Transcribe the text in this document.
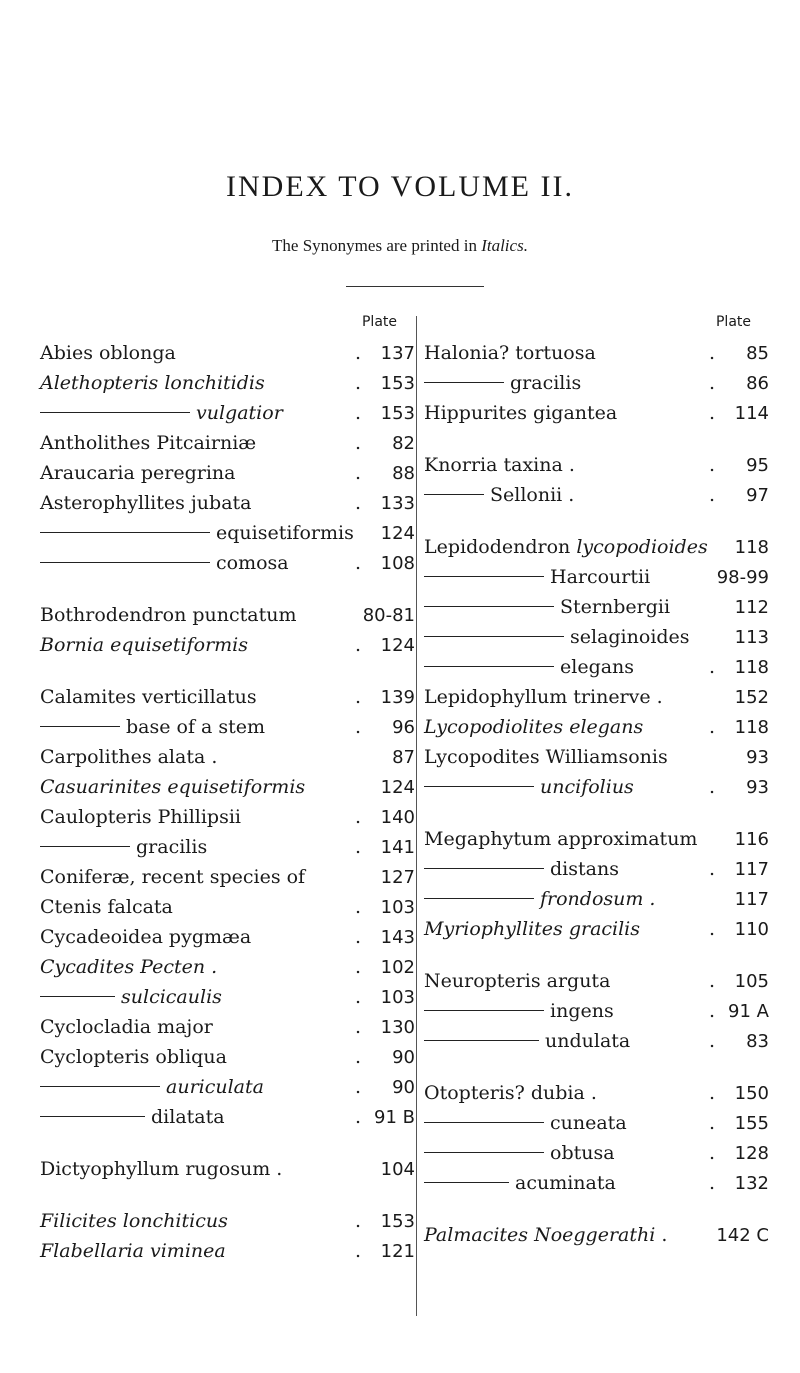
INDEX TO VOLUME II.
The Synonymes are printed in Italics.
Plate
Abies oblonga	.	137
Alethopteris lonchitidis	.	153
vulgatior	.	153
Antholithes Pitcairniæ	.	82
Araucaria peregrina	.	88
Asterophyllites jubata	.	133
equisetiformis	124
comosa	.	108
Bothrodendron punctatum	80-81
Bornia equisetiformis	.	124
Calamites verticillatus	.	139
base of a stem	.	96
Carpolithes alata .	87
Casuarinites equisetiformis	124
Caulopteris Phillipsii	.	140
gracilis	.	141
Coniferæ, recent species of	127
Ctenis falcata	.	103
Cycadeoidea pygmæa	.	143
Cycadites Pecten .	.	102
sulcicaulis	.	103
Cyclocladia major	.	130
Cyclopteris obliqua	.	90
auriculata	.	90
dilatata	. 91 B
Dictyophyllum rugosum .	104
Filicites lonchiticus	.	153
Flabellaria viminea	.	121
Plate
Halonia? tortuosa	.	85
gracilis	.	86
Hippurites gigantea	.	114
Knorria taxina .	.	95
Sellonii .	.	97
Lepidodendron lycopodioides	118
Harcourtii	98-99
Sternbergii	112
selaginoides	113
elegans	.	118
Lepidophyllum trinerve .	152
Lycopodiolites elegans	.	118
Lycopodites Williamsonis	93
uncifolius	.	93
Megaphytum approximatum	116
distans	.	117
frondosum .	117
Myriophyllites gracilis	.	110
Neuropteris arguta	.	105
ingens	. 91 A
undulata	.	83
Otopteris? dubia .	.	150
cuneata	.	155
obtusa	.	128
acuminata	.	132
Palmacites Noeggerathi .	142 C
